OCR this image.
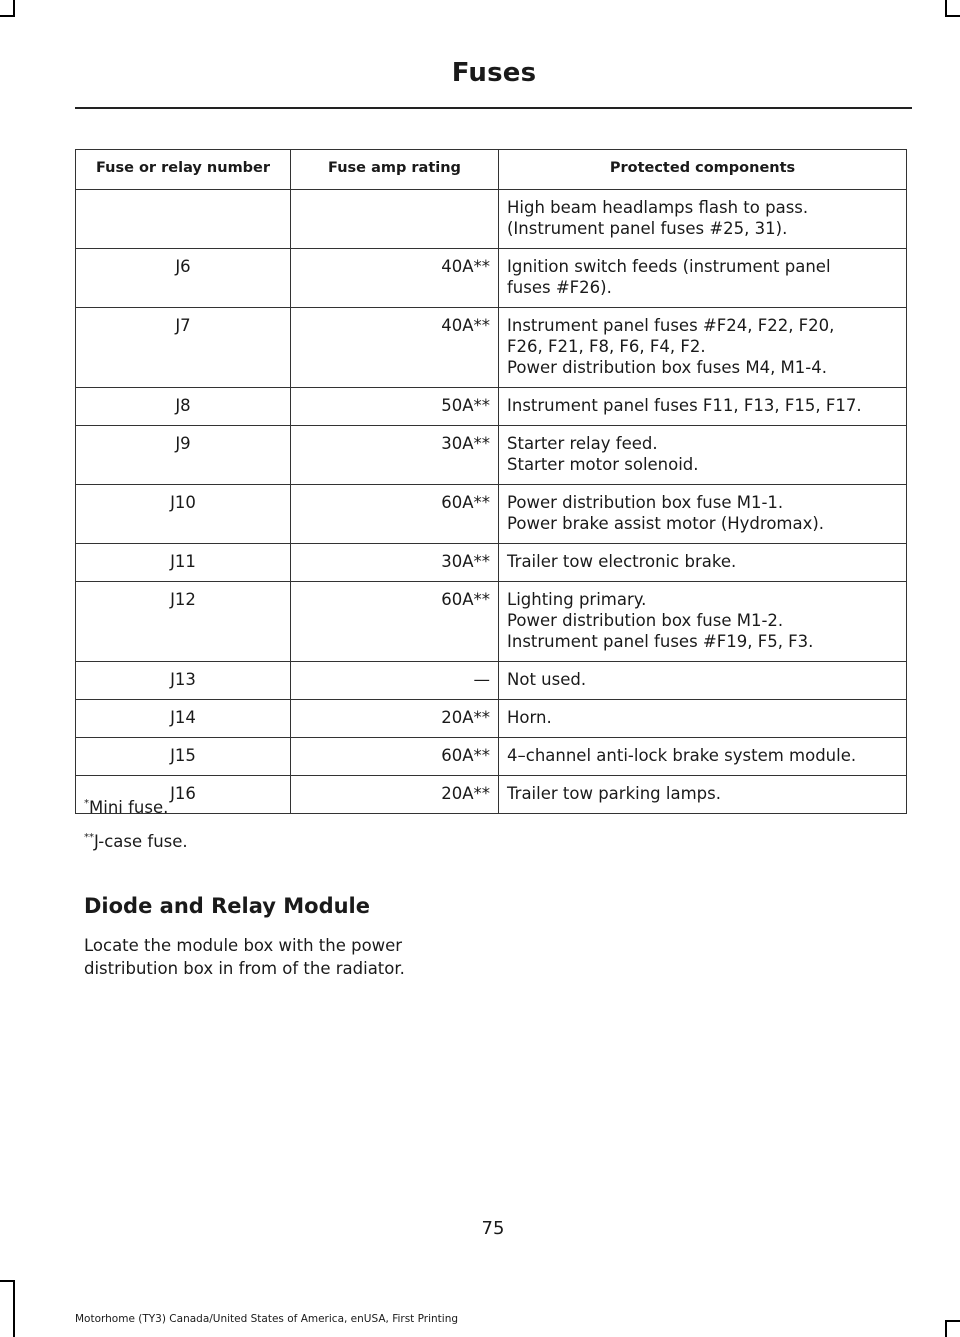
Fuses
Fuse or relay number	Fuse amp rating	Protected components

		High beam headlamps flash to pass.
(Instrument panel fuses #25, 31).

J6	40A**	Ignition switch feeds (instrument panel
fuses #F26).

J7	40A**	Instrument panel fuses #F24, F22, F20,
F26, F21, F8, F6, F4, F2.
Power distribution box fuses M4, M1-4.

J8	50A**	Instrument panel fuses F11, F13, F15, F17.

J9	30A**	Starter relay feed.
Starter motor solenoid.

J10	60A**	Power distribution box fuse M1-1.
Power brake assist motor (Hydromax).

J11	30A**	Trailer tow electronic brake.

J12	60A**	Lighting primary.
Power distribution box fuse M1-2.
Instrument panel fuses #F19, F5, F3.

J13	—	Not used.

J14	20A**	Horn.

J15	60A**	4–channel anti-lock brake system module.

J16	20A**	Trailer tow parking lamps.
*Mini fuse.
**J-case fuse.
Diode and Relay Module
Locate the module box with the power
distribution box in from of the radiator.
75
Motorhome (TY3) Canada/United States of America, enUSA, First Printing
